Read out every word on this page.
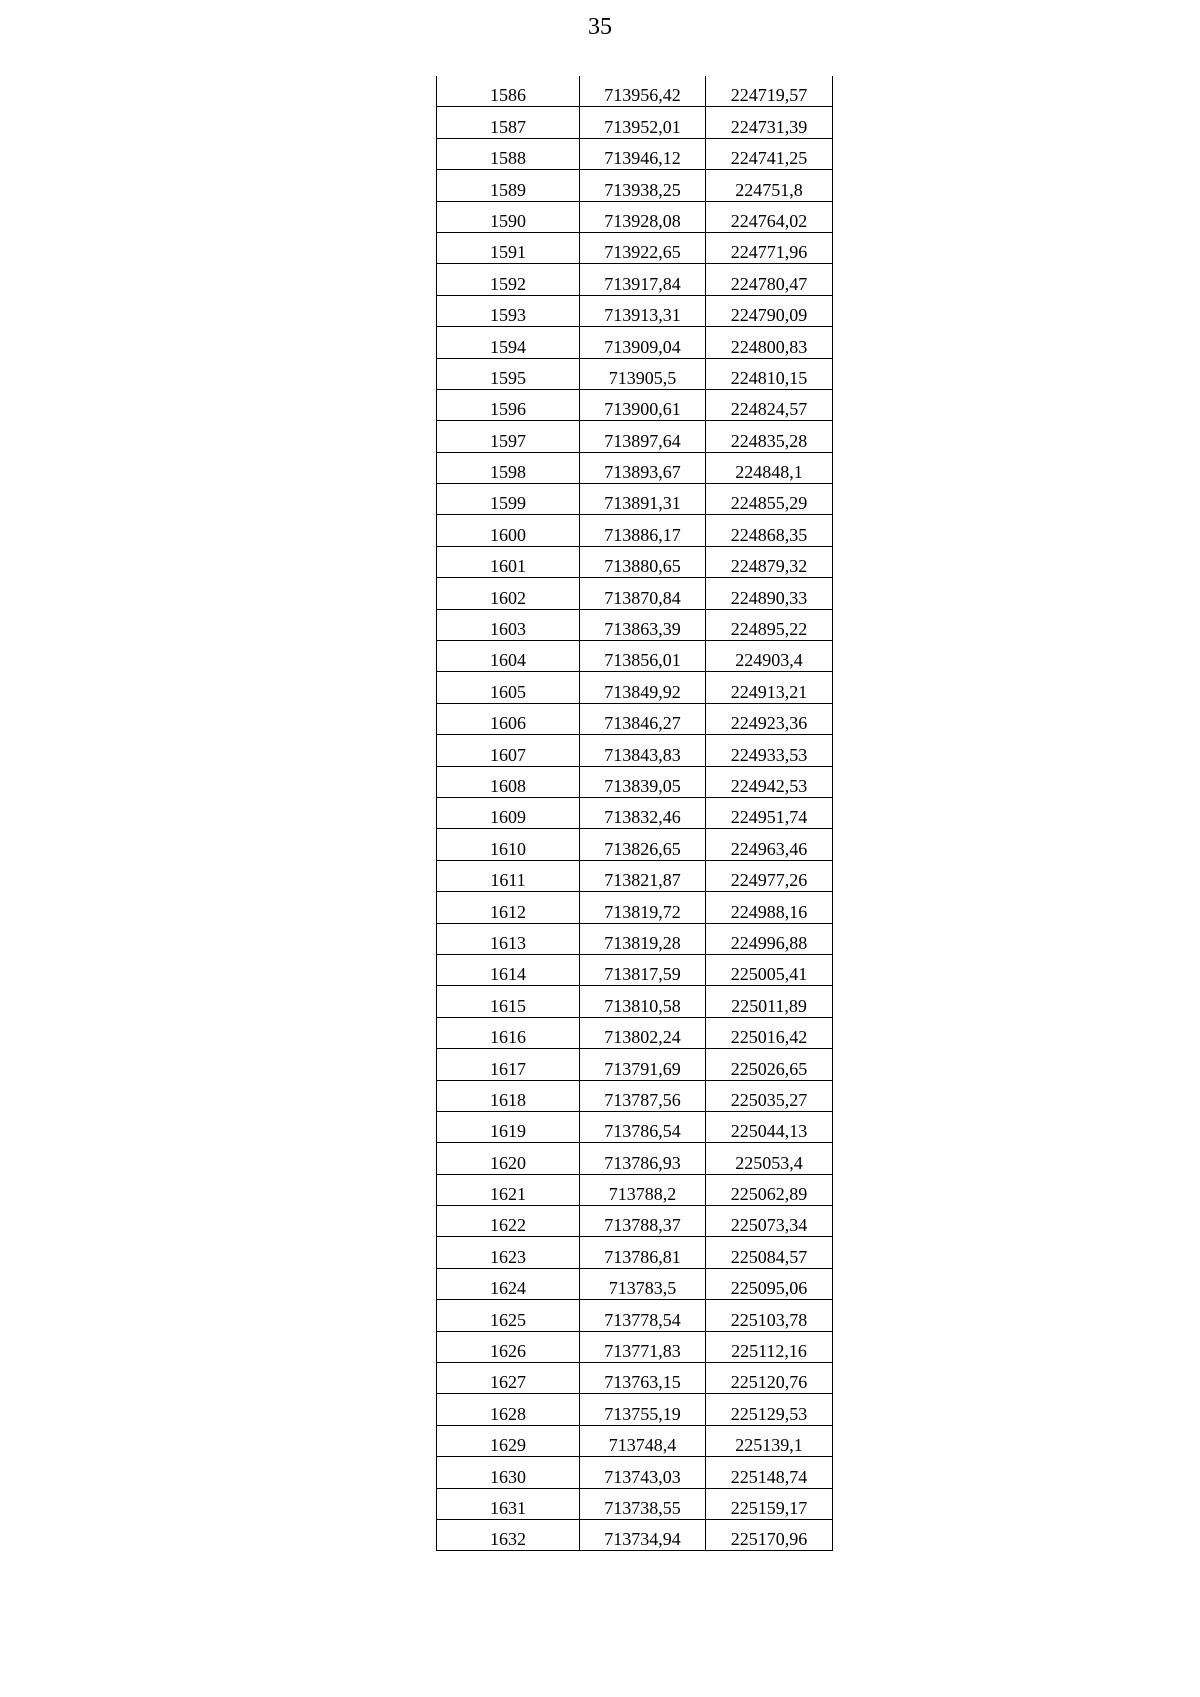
35
1586	713956,42	224719,57
1587	713952,01	224731,39
1588	713946,12	224741,25
1589	713938,25	224751,8
1590	713928,08	224764,02
1591	713922,65	224771,96
1592	713917,84	224780,47
1593	713913,31	224790,09
1594	713909,04	224800,83
1595	713905,5	224810,15
1596	713900,61	224824,57
1597	713897,64	224835,28
1598	713893,67	224848,1
1599	713891,31	224855,29
1600	713886,17	224868,35
1601	713880,65	224879,32
1602	713870,84	224890,33
1603	713863,39	224895,22
1604	713856,01	224903,4
1605	713849,92	224913,21
1606	713846,27	224923,36
1607	713843,83	224933,53
1608	713839,05	224942,53
1609	713832,46	224951,74
1610	713826,65	224963,46
1611	713821,87	224977,26
1612	713819,72	224988,16
1613	713819,28	224996,88
1614	713817,59	225005,41
1615	713810,58	225011,89
1616	713802,24	225016,42
1617	713791,69	225026,65
1618	713787,56	225035,27
1619	713786,54	225044,13
1620	713786,93	225053,4
1621	713788,2	225062,89
1622	713788,37	225073,34
1623	713786,81	225084,57
1624	713783,5	225095,06
1625	713778,54	225103,78
1626	713771,83	225112,16
1627	713763,15	225120,76
1628	713755,19	225129,53
1629	713748,4	225139,1
1630	713743,03	225148,74
1631	713738,55	225159,17
1632	713734,94	225170,96
